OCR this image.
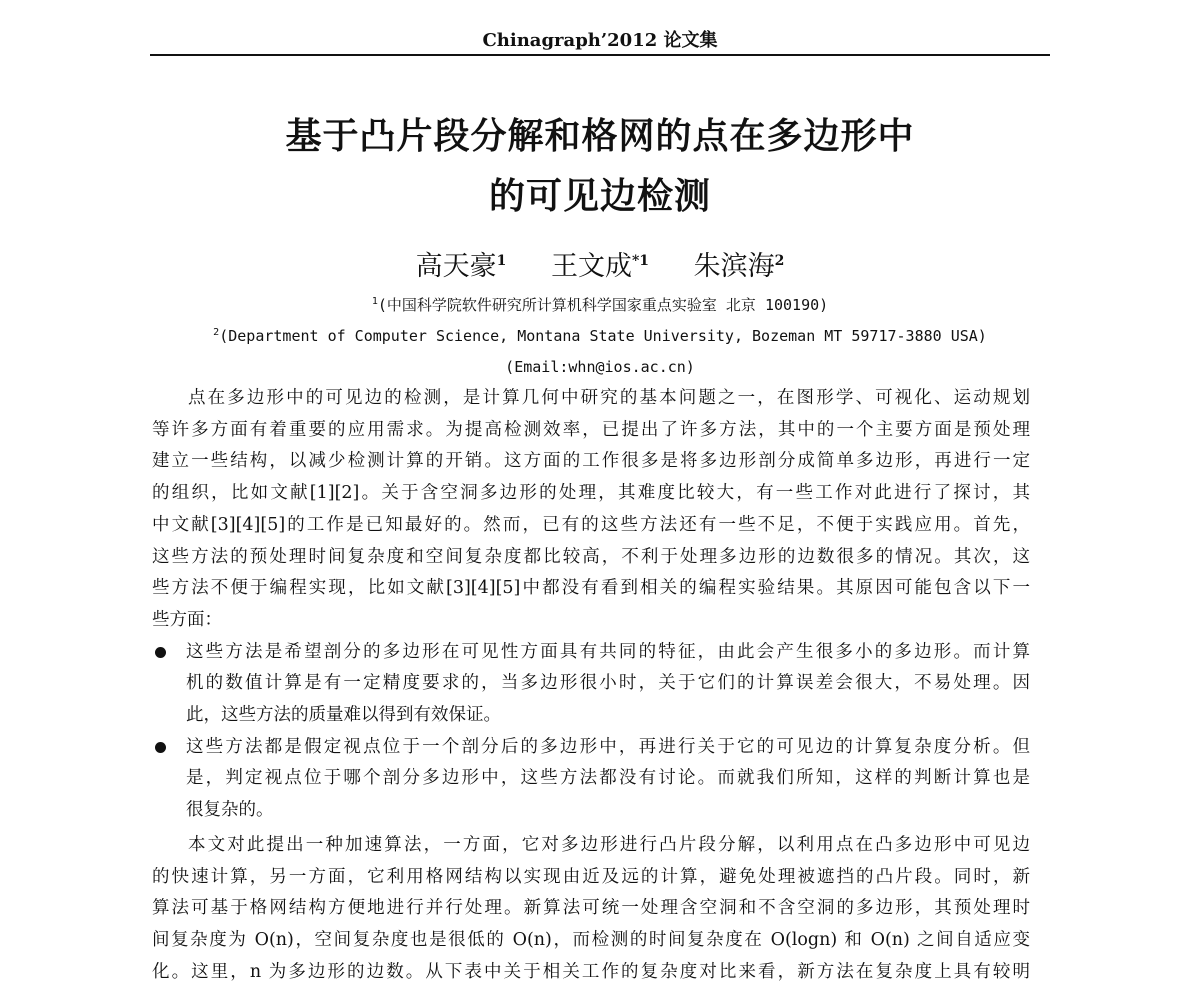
Chinagraph’2012 论文集
基于凸片段分解和格网的点在多边形中
的可见边检测
高天豪$^1$ 王文成$^{*1}$ 朱滨海$^2$
$^1$(中国科学院软件研究所计算机科学国家重点实验室 北京 100190)
$^2$(Department of Computer Science, Montana State University, Bozeman MT 59717-3880 USA)
(Email:whn@ios.ac.cn)
点在多边形中的可见边的检测，是计算几何中研究的基本问题之一，在图形学、可视化、运动规划
等许多方面有着重要的应用需求。为提高检测效率，已提出了许多方法，其中的一个主要方面是预处理
建立一些结构，以减少检测计算的开销。这方面的工作很多是将多边形剖分成简单多边形，再进行一定
的组织，比如文献[1][2]。关于含空洞多边形的处理，其难度比较大，有一些工作对此进行了探讨，其
中文献[3][4][5]的工作是已知最好的。然而，已有的这些方法还有一些不足，不便于实践应用。首先，
这些方法的预处理时间复杂度和空间复杂度都比较高，不利于处理多边形的边数很多的情况。其次，这
些方法不便于编程实现，比如文献[3][4][5]中都没有看到相关的编程实验结果。其原因可能包含以下一
些方面：
这些方法是希望剖分的多边形在可见性方面具有共同的特征，由此会产生很多小的多边形。而计算
机的数值计算是有一定精度要求的，当多边形很小时，关于它们的计算误差会很大，不易处理。因
此，这些方法的质量难以得到有效保证。
这些方法都是假定视点位于一个剖分后的多边形中，再进行关于它的可见边的计算复杂度分析。但
是，判定视点位于哪个剖分多边形中，这些方法都没有讨论。而就我们所知，这样的判断计算也是
很复杂的。
本文对此提出一种加速算法，一方面，它对多边形进行凸片段分解，以利用点在凸多边形中可见边
的快速计算，另一方面，它利用格网结构以实现由近及远的计算，避免处理被遮挡的凸片段。同时，新
算法可基于格网结构方便地进行并行处理。新算法可统一处理含空洞和不含空洞的多边形，其预处理时
间复杂度为 O(n)，空间复杂度也是很低的 O(n)，而检测的时间复杂度在 O(logn) 和 O(n) 之间自适应变
化。这里，n 为多边形的边数。从下表中关于相关工作的复杂度对比来看，新方法在复杂度上具有较明
